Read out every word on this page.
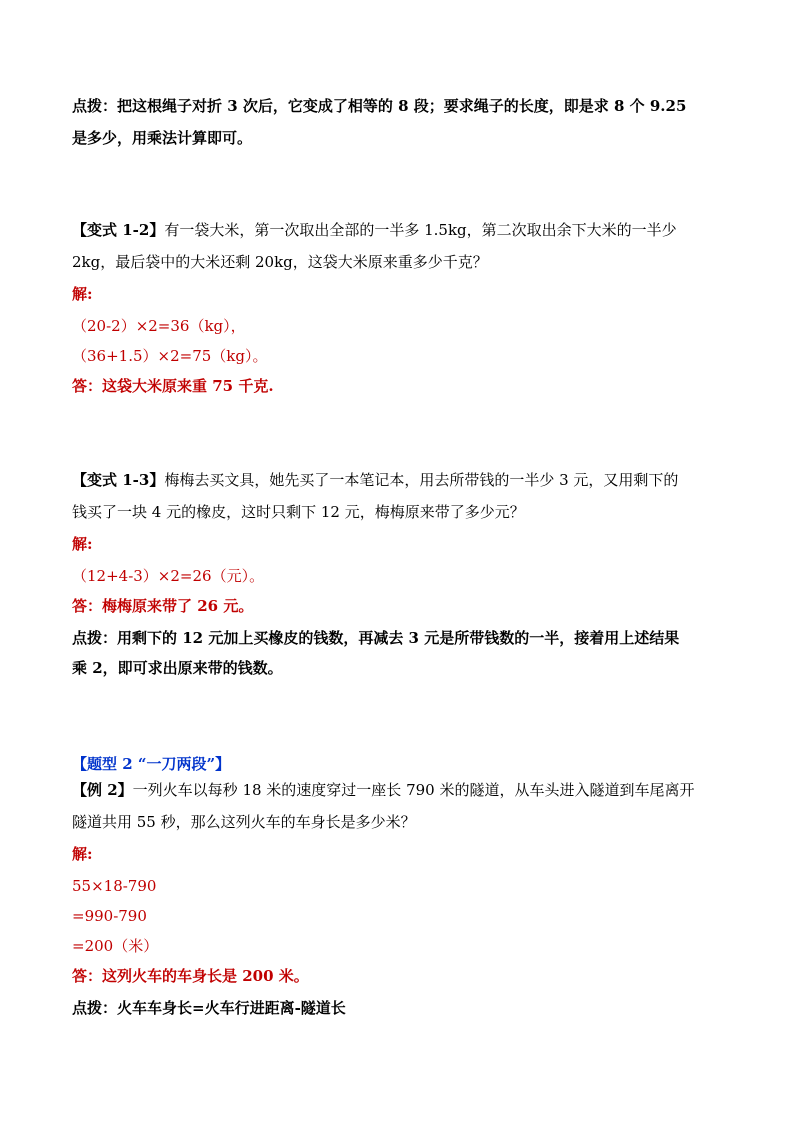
点拨：把这根绳子对折 3 次后，它变成了相等的 8 段；要求绳子的长度，即是求 8 个 9.25
是多少，用乘法计算即可。
【变式 1-2】有一袋大米，第一次取出全部的一半多 1.5kg，第二次取出余下大米的一半少
2kg，最后袋中的大米还剩 20kg，这袋大米原来重多少千克？
解:
（20-2）×2=36（kg），
（36+1.5）×2=75（kg）。
答：这袋大米原来重 75 千克.
【变式 1-3】梅梅去买文具，她先买了一本笔记本，用去所带钱的一半少 3 元，又用剩下的
钱买了一块 4 元的橡皮，这时只剩下 12 元，梅梅原来带了多少元？
解:
（12+4-3）×2=26（元）。
答：梅梅原来带了 26 元。
点拨：用剩下的 12 元加上买橡皮的钱数，再减去 3 元是所带钱数的一半，接着用上述结果
乘 2，即可求出原来带的钱数。
【题型 2 “一刀两段”】
【例 2】一列火车以每秒 18 米的速度穿过一座长 790 米的隧道，从车头进入隧道到车尾离开
隧道共用 55 秒，那么这列火车的车身长是多少米？
解:
55×18-790
=990-790
=200（米）
答：这列火车的车身长是 200 米。
点拨：火车车身长=火车行进距离-隧道长
